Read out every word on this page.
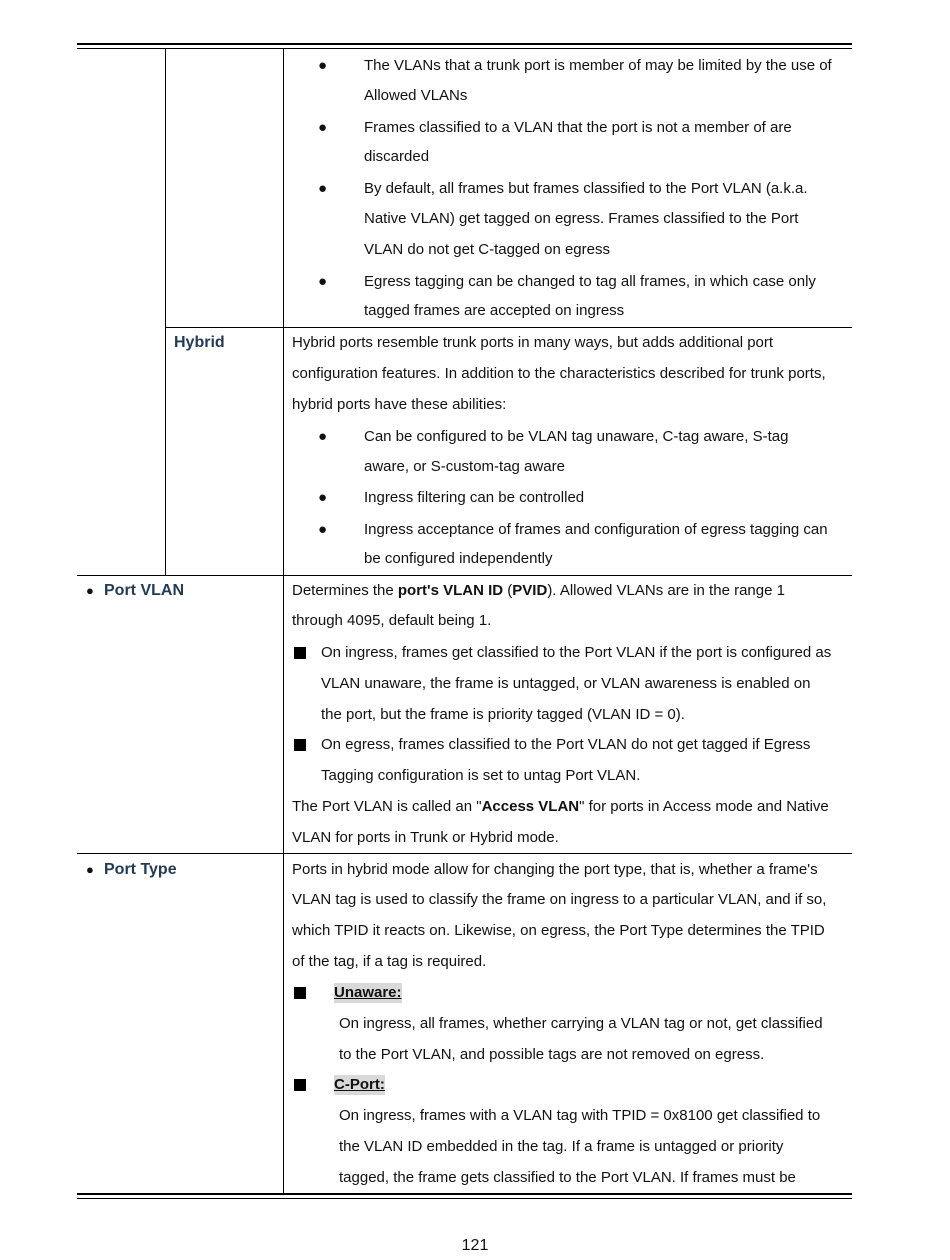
● The VLANs that a trunk port is member of may be limited by the use of
Allowed VLANs
● Frames classified to a VLAN that the port is not a member of are
discarded
● By default, all frames but frames classified to the Port VLAN (a.k.a.
Native VLAN) get tagged on egress. Frames classified to the Port
VLAN do not get C-tagged on egress
● Egress tagging can be changed to tag all frames, in which case only
tagged frames are accepted on ingress
Hybrid	Hybrid ports resemble trunk ports in many ways, but adds additional port
configuration features. In addition to the characteristics described for trunk ports,
hybrid ports have these abilities:
● Can be configured to be VLAN tag unaware, C-tag aware, S-tag
aware, or S-custom-tag aware
● Ingress filtering can be controlled
● Ingress acceptance of frames and configuration of egress tagging can
be configured independently
● Port VLAN	Determines the port's VLAN ID (PVID). Allowed VLANs are in the range 1
through 4095, default being 1.
On ingress, frames get classified to the Port VLAN if the port is configured as
VLAN unaware, the frame is untagged, or VLAN awareness is enabled on
the port, but the frame is priority tagged (VLAN ID = 0).
On egress, frames classified to the Port VLAN do not get tagged if Egress
Tagging configuration is set to untag Port VLAN.
The Port VLAN is called an "Access VLAN" for ports in Access mode and Native
VLAN for ports in Trunk or Hybrid mode.
● Port Type	Ports in hybrid mode allow for changing the port type, that is, whether a frame's
VLAN tag is used to classify the frame on ingress to a particular VLAN, and if so,
which TPID it reacts on. Likewise, on egress, the Port Type determines the TPID
of the tag, if a tag is required.
Unaware:
On ingress, all frames, whether carrying a VLAN tag or not, get classified
to the Port VLAN, and possible tags are not removed on egress.
C-Port:
On ingress, frames with a VLAN tag with TPID = 0x8100 get classified to
the VLAN ID embedded in the tag. If a frame is untagged or priority
tagged, the frame gets classified to the Port VLAN. If frames must be
121
